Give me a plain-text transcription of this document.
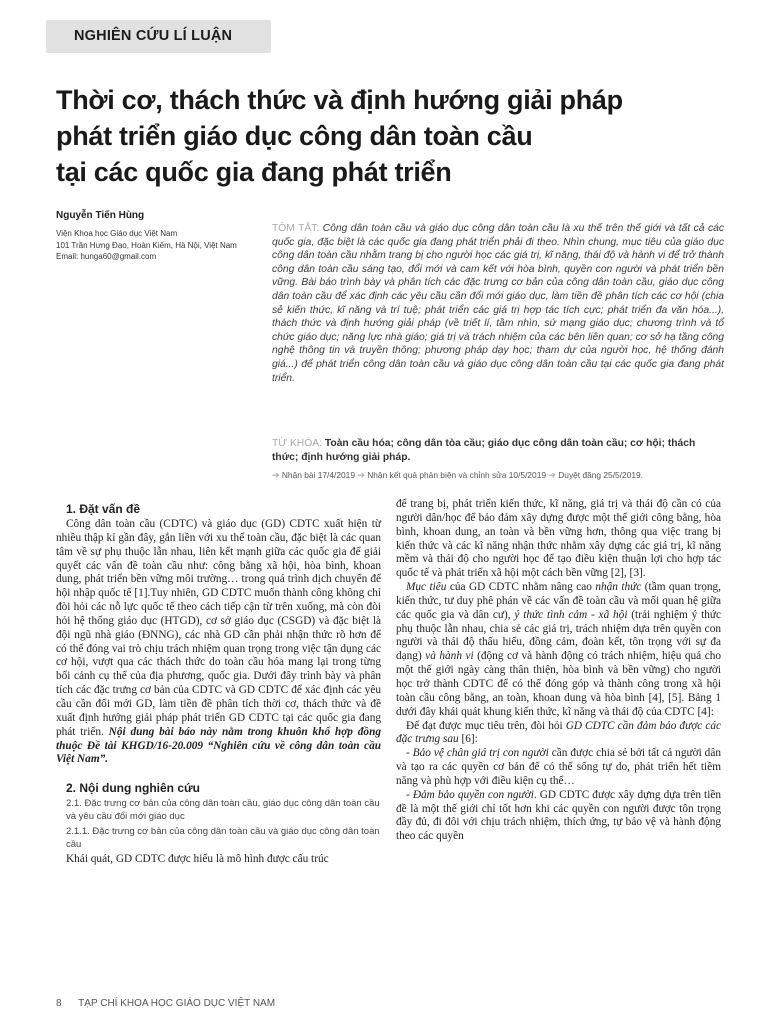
NGHIÊN CỨU LÍ LUẬN
Thời cơ, thách thức và định hướng giải pháp
phát triển giáo dục công dân toàn cầu
tại các quốc gia đang phát triển
Nguyễn Tiến Hùng
Viện Khoa học Giáo dục Việt Nam
101 Trần Hưng Đạo, Hoàn Kiếm, Hà Nội, Việt Nam
Email: hunga60@gmail.com
TÓM TẮT: Công dân toàn cầu và giáo dục công dân toàn cầu là xu thế trên thế giới và tất cả các quốc gia, đặc biệt là các quốc gia đang phát triển phải đi theo. Nhìn chung, mục tiêu của giáo dục công dân toàn cầu nhằm trang bị cho người học các giá trị, kĩ năng, thái độ và hành vi để trở thành công dân toàn cầu sáng tạo, đổi mới và cam kết với hòa bình, quyền con người và phát triển bền vững. Bài báo trình bày và phân tích các đặc trưng cơ bản của công dân toàn cầu, giáo dục công dân toàn cầu để xác định các yêu cầu cần đổi mới giáo dục, làm tiền đề phân tích các cơ hội (chia sẻ kiến thức, kĩ năng và trí tuệ; phát triển các giá trị hợp tác tích cực; phát triển đa văn hóa...), thách thức và định hướng giải pháp (về triết lí, tầm nhìn, sứ mạng giáo dục; chương trình và tổ chức giáo dục; năng lực nhà giáo; giá trị và trách nhiệm của các bên liên quan; cơ sở hạ tầng công nghệ thông tin và truyền thông; phương pháp dạy học; tham dự của người học, hệ thống đánh giá...) để phát triển công dân toàn cầu và giáo dục công dân toàn cầu tại các quốc gia đang phát triển.
TỪ KHÓA: Toàn cầu hóa; công dân tòa cầu; giáo dục công dân toàn cầu; cơ hội; thách thức; định hướng giải pháp.
➔ Nhận bài 17/4/2019 ➔ Nhận kết quả phản biện và chỉnh sửa 10/5/2019 ➔ Duyệt đăng 25/5/2019.
1. Đặt vấn đề

Công dân toàn cầu (CDTC) và giáo dục (GD) CDTC xuất hiện từ nhiều thập kỉ gần đây, gắn liền với xu thế toàn cầu, đặc biệt là các quan tâm về sự phụ thuộc lẫn nhau, liên kết mạnh giữa các quốc gia để giải quyết các vấn đề toàn cầu như: công bằng xã hội, hòa bình, khoan dung, phát triển bền vững môi trường… trong quá trình dịch chuyển để hội nhập quốc tế [1].Tuy nhiên, GD CDTC muốn thành công không chỉ đòi hỏi các nỗ lực quốc tế theo cách tiếp cận từ trên xuống, mà còn đòi hỏi hệ thống giáo dục (HTGD), cơ sở giáo dục (CSGD) và đặc biệt là đội ngũ nhà giáo (ĐNNG), các nhà GD cần phải nhận thức rõ hơn để có thể đóng vai trò chịu trách nhiệm quan trọng trong việc tận dụng các cơ hội, vượt qua các thách thức do toàn cầu hóa mang lại trong từng bối cảnh cụ thể của địa phương, quốc gia. Dưới đây trình bày và phân tích các đặc trưng cơ bản của CDTC và GD CDTC để xác định các yêu cầu cần đổi mới GD, làm tiền đề phân tích thời cơ, thách thức và đề xuất định hướng giải pháp phát triển GD CDTC tại các quốc gia đang phát triển. Nội dung bài báo này nằm trong khuôn khổ hợp đồng thuộc Đề tài KHGD/16-20.009 “Nghiên cứu về công dân toàn cầu Việt Nam”.

2. Nội dung nghiên cứu
2.1. Đặc trưng cơ bản của công dân toàn cầu, giáo dục công dân toàn cầu và yêu cầu đổi mới giáo dục
2.1.1. Đặc trưng cơ bản của công dân toàn cầu và giáo dục công dân toàn cầu

Khái quát, GD CDTC được hiểu là mô hình được cấu trúc

để trang bị, phát triển kiến thức, kĩ năng, giá trị và thái độ cần có của người dân/học để bảo đảm xây dựng được một thế giới công bằng, hòa bình, khoan dung, an toàn và bền vững hơn, thông qua việc trang bị kiến thức và các kĩ năng nhận thức nhằm xây dựng các giá trị, kĩ năng mềm và thái độ cho người học để tạo điều kiện thuận lợi cho hợp tác quốc tế và phát triển xã hội một cách bền vững [2], [3].

Mục tiêu của GD CDTC nhằm nâng cao nhận thức (tầm quan trọng, kiến thức, tư duy phê phán về các vấn đề toàn cầu và mối quan hệ giữa các quốc gia và dân cư), ý thức tình cảm - xã hội (trải nghiệm ý thức phụ thuộc lẫn nhau, chia sẻ các giá trị, trách nhiệm dựa trên quyền con người và thái độ thấu hiểu, đồng cảm, đoàn kết, tôn trọng với sự đa dạng) và hành vi (động cơ và hành động có trách nhiệm, hiệu quả cho một thế giới ngày càng thân thiện, hòa bình và bền vững) cho người học trở thành CDTC để có thể đóng góp và thành công trong xã hội toàn cầu công bằng, an toàn, khoan dung và hòa bình [4], [5]. Bảng 1 dưới đây khái quát khung kiến thức, kĩ năng và thái độ của CDTC [4]:

Để đạt được mục tiêu trên, đòi hỏi GD CDTC cần đảm bảo được các đặc trưng sau [6]:

- Bảo vệ chân giá trị con người cần được chia sẻ bởi tất cả người dân và tạo ra các quyền cơ bản để có thể sống tự do, phát triển hết tiềm năng và phù hợp với điều kiện cụ thể…

- Đảm bảo quyền con người. GD CDTC được xây dựng dựa trên tiền đề là một thế giới chỉ tốt hơn khi các quyền con người được tôn trọng đầy đủ, đi đôi với chịu trách nhiệm, thích ứng, tự bảo vệ và hành động theo các quyền

8 TẠP CHÍ KHOA HỌC GIÁO DỤC VIỆT NAM
